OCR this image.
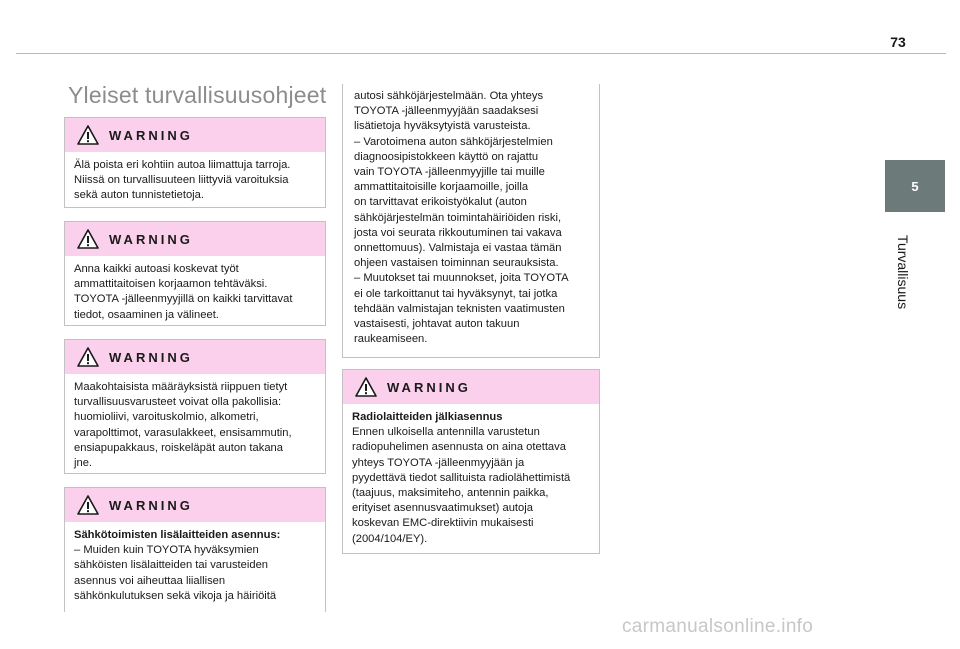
73
5
Turvallisuus
Yleiset turvallisuusohjeet
WARNING

Älä poista eri kohtiin autoa liimattuja tarroja.

Niissä on turvallisuuteen liittyviä varoituksia

sekä auton tunnistetietoja.

WARNING

Anna kaikki autoasi koskevat työt

ammattitaitoisen korjaamon tehtäväksi.

TOYOTA -jälleenmyyjillä on kaikki tarvittavat

tiedot, osaaminen ja välineet.

WARNING

Maakohtaisista määräyksistä riippuen tietyt

turvallisuusvarusteet voivat olla pakollisia:

huomioliivi, varoituskolmio, alkometri,

varapolttimot, varasulakkeet, ensisammutin,

ensiapupakkaus, roiskeläpät auton takana

jne.

WARNING

Sähkötoimisten lisälaitteiden asennus:

– Muiden kuin TOYOTA hyväksymien

sähköisten lisälaitteiden tai varusteiden

asennus voi aiheuttaa liiallisen

sähkönkulutuksen sekä vikoja ja häiriöitä

autosi sähköjärjestelmään. Ota yhteys

TOYOTA -jälleenmyyjään saadaksesi

lisätietoja hyväksytyistä varusteista.

– Varotoimena auton sähköjärjestelmien

diagnoosipistokkeen käyttö on rajattu

vain TOYOTA -jälleenmyyjille tai muille

ammattitaitoisille korjaamoille, joilla

on tarvittavat erikoistyökalut (auton

sähköjärjestelmän toimintahäiriöiden riski,

josta voi seurata rikkoutuminen tai vakava

onnettomuus). Valmistaja ei vastaa tämän

ohjeen vastaisen toiminnan seurauksista.

– Muutokset tai muunnokset, joita TOYOTA

ei ole tarkoittanut tai hyväksynyt, tai jotka

tehdään valmistajan teknisten vaatimusten

vastaisesti, johtavat auton takuun

raukeamiseen.

WARNING

Radiolaitteiden jälkiasennus

Ennen ulkoisella antennilla varustetun

radiopuhelimen asennusta on aina otettava

yhteys TOYOTA -jälleenmyyjään ja

pyydettävä tiedot sallituista radiolähettimistä

(taajuus, maksimiteho, antennin paikka,

erityiset asennusvaatimukset) autoja

koskevan EMC-direktiivin mukaisesti

(2004/104/EY).

carmanualsonline.info
